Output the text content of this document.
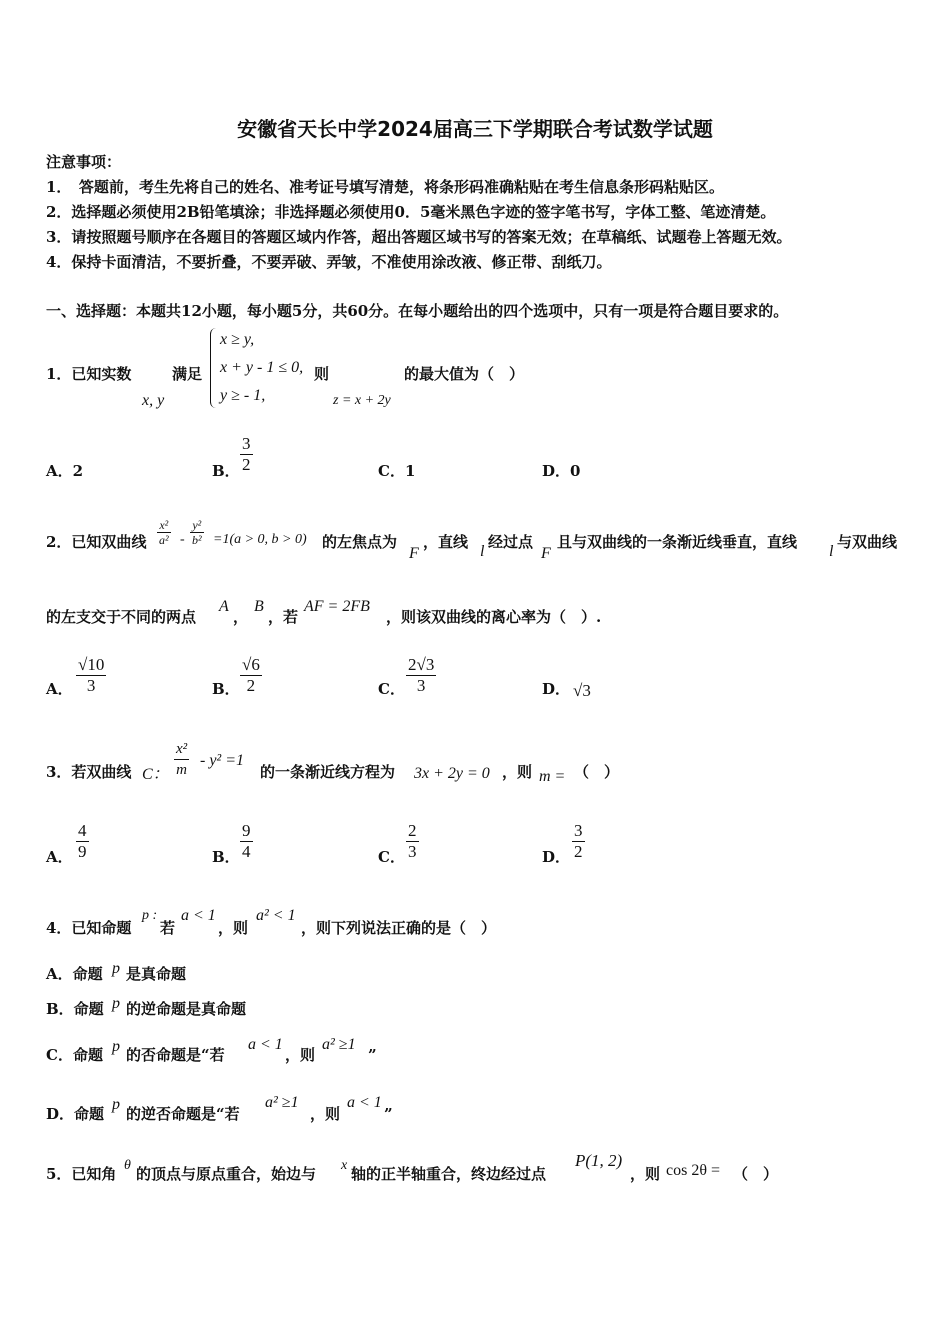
安徽省天长中学2024届高三下学期联合考试数学试题
注意事项：
1．　答题前，考生先将自己的姓名、准考证号填写清楚，将条形码准确粘贴在考生信息条形码粘贴区。
2．选择题必须使用2B铅笔填涂；非选择题必须使用0．5毫米黑色字迹的签字笔书写，字体工整、笔迹清楚。
3．请按照题号顺序在各题目的答题区域内作答，超出答题区域书写的答案无效；在草稿纸、试题卷上答题无效。
4．保持卡面清洁，不要折叠，不要弄破、弄皱，不准使用涂改液、修正带、刮纸刀。
一、选择题：本题共12小题，每小题5分，共60分。在每小题给出的四个选项中，只有一项是符合题目要求的。
1．已知实数
x, y
满足
x ≥ y,
x + y - 1 ≤ 0,
y ≥ - 1,
则
z = x + 2y
的最大值为（　）
A．2	B． $\frac{3}{2}$	C．1	D．0
2．已知双曲线 $\frac{\text{x²}}{\text{a²}} - \frac{\text{y²}}{\text{b²}} =1(a > 0$, b > 0) 的左焦点为
F
，直线
l
经过点
F
且与双曲线的一条渐近线垂直，直线
l
与双曲线
的左支交于不同的两点
A
，
B
，若
AF = 2FB
，则该双曲线的离心率为（　）.
A． $\frac{√10}{3}$	B． $\frac{√6}{2}$	C． $\frac{2√3}{3}$	D． √3
3．若双曲线 C： $\frac{\text{x²}}{m} - y^2 =1$
的一条渐近线方程为 3x + 2y = 0 ，则 m = （　）
A． $\frac{4}{9}$	B． $\frac{9}{4}$	C． $\frac{2}{3}$	D． $\frac{3}{2}$
4．已知命题
p :
若
a < 1
，则
a² < 1
，则下列说法正确的是（　）
A．命题 p 是真命题
B．命题 p 的逆命题是真命题
C．命题 p 的否命题是“若
a < 1
，则
a² ≥1
”
D．命题
p
的逆否命题是“若
a² ≥1
，则
a < 1
”
5．已知角 θ 的顶点与原点重合，始边与 x 轴的正半轴重合，终边经过点
P(1, 2)
，则 cos 2θ = （　）
